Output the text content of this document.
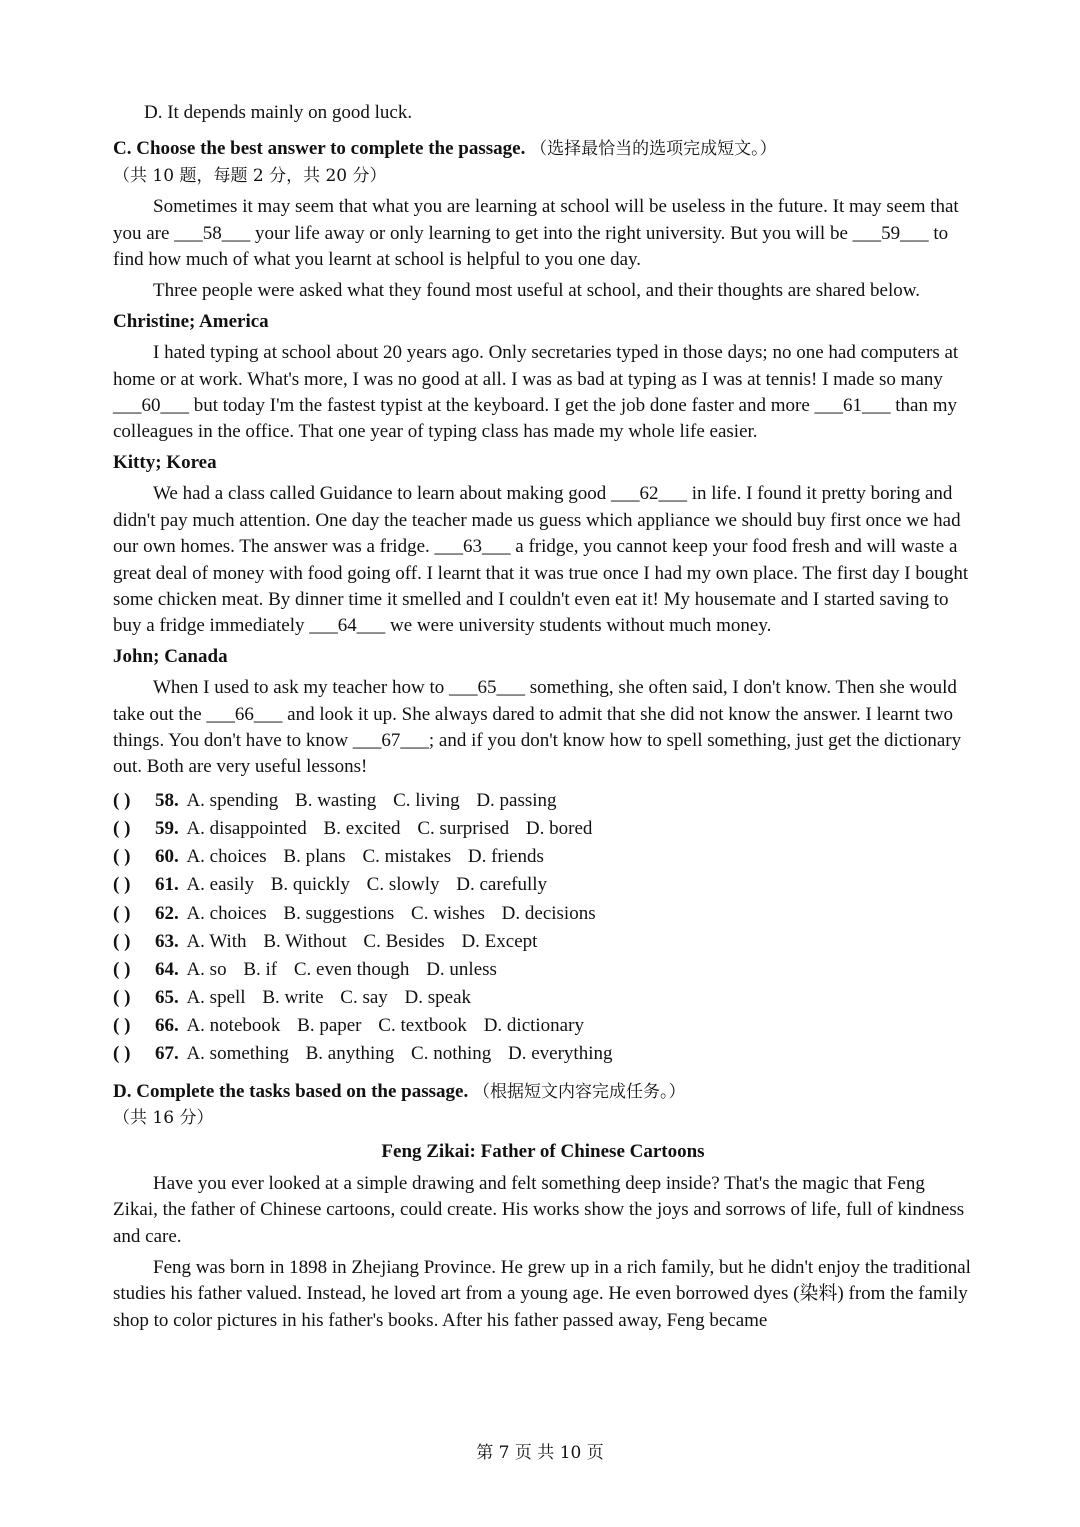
D. It depends mainly on good luck.

C. Choose the best answer to complete the passage. （选择最恰当的选项完成短文。）

（共 10 题，每题 2 分，共 20 分）

Sometimes it may seem that what you are learning at school will be useless in the future. It may seem that you are ___58___ your life away or only learning to get into the right university. But you will be ___59___ to find how much of what you learnt at school is helpful to you one day.

Three people were asked what they found most useful at school, and their thoughts are shared below.

Christine; America

I hated typing at school about 20 years ago. Only secretaries typed in those days; no one had computers at home or at work. What's more, I was no good at all. I was as bad at typing as I was at tennis! I made so many ___60___ but today I'm the fastest typist at the keyboard. I get the job done faster and more ___61___ than my colleagues in the office. That one year of typing class has made my whole life easier.

Kitty; Korea

We had a class called Guidance to learn about making good ___62___ in life. I found it pretty boring and didn't pay much attention. One day the teacher made us guess which appliance we should buy first once we had our own homes. The answer was a fridge. ___63___ a fridge, you cannot keep your food fresh and will waste a great deal of money with food going off. I learnt that it was true once I had my own place. The first day I bought some chicken meat. By dinner time it smelled and I couldn't even eat it! My housemate and I started saving to buy a fridge immediately ___64___ we were university students without much money.

John; Canada

When I used to ask my teacher how to ___65___ something, she often said, I don't know. Then she would take out the ___66___ and look it up. She always dared to admit that she did not know the answer. I learnt two things. You don't have to know ___67___; and if you don't know how to spell something, just get the dictionary out. Both are very useful lessons!

( ) 58. A. spending B. wasting C. living D. passing
( ) 59. A. disappointed B. excited C. surprised D. bored
( ) 60. A. choices B. plans C. mistakes D. friends
( ) 61. A. easily B. quickly C. slowly D. carefully
( ) 62. A. choices B. suggestions C. wishes D. decisions
( ) 63. A. With B. Without C. Besides D. Except
( ) 64. A. so B. if C. even though D. unless
( ) 65. A. spell B. write C. say D. speak
( ) 66. A. notebook B. paper C. textbook D. dictionary
( ) 67. A. something B. anything C. nothing D. everything
D. Complete the tasks based on the passage. （根据短文内容完成任务。）

（共 16 分）

Feng Zikai: Father of Chinese Cartoons

Have you ever looked at a simple drawing and felt something deep inside? That's the magic that Feng Zikai, the father of Chinese cartoons, could create. His works show the joys and sorrows of life, full of kindness and care.

Feng was born in 1898 in Zhejiang Province. He grew up in a rich family, but he didn't enjoy the traditional studies his father valued. Instead, he loved art from a young age. He even borrowed dyes (染料) from the family shop to color pictures in his father's books. After his father passed away, Feng became

第 7 页 共 10 页
